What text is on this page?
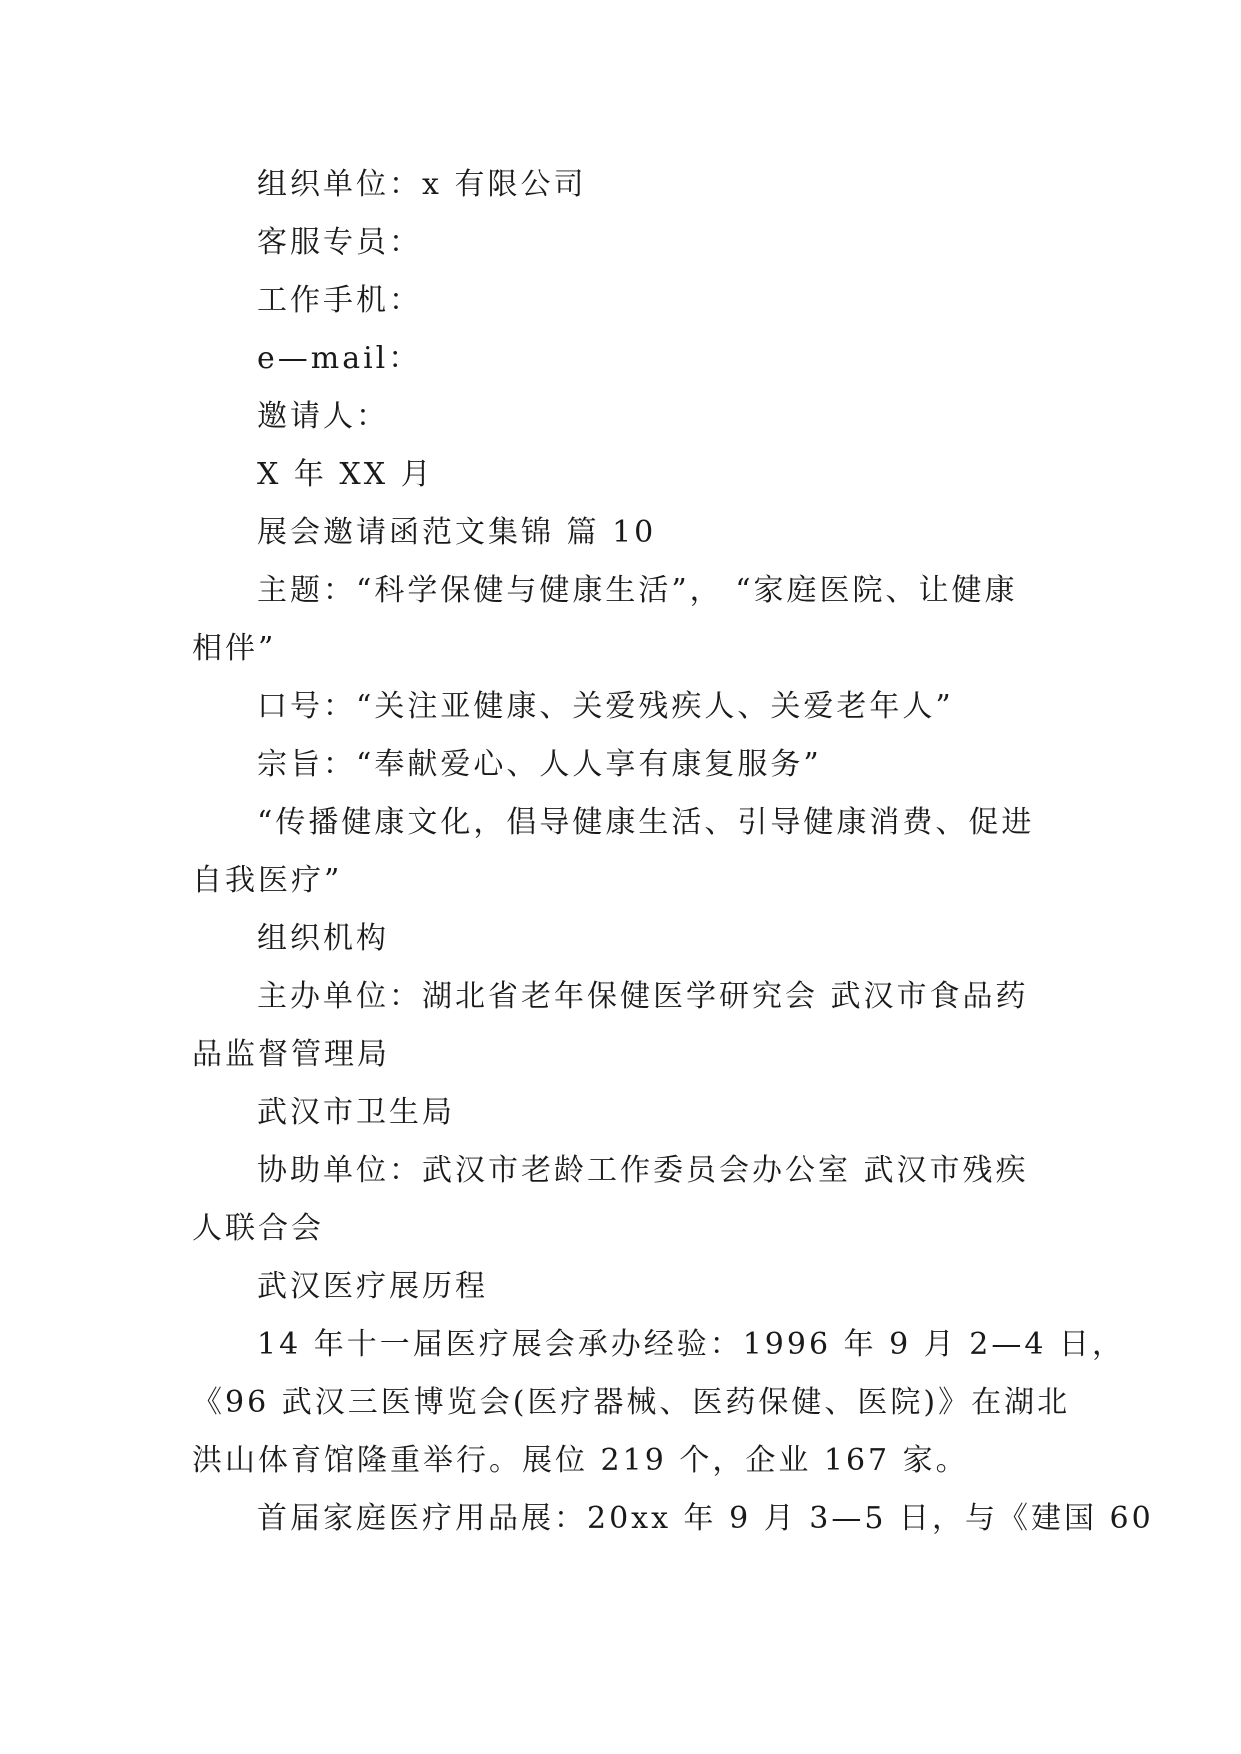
组织单位：x 有限公司
客服专员：
工作手机：
e—mail：
邀请人：
X 年 XX 月
展会邀请函范文集锦 篇 10
主题：“科学保健与健康生活”， “家庭医院、让健康
相伴”
口号：“关注亚健康、关爱残疾人、关爱老年人”
宗旨：“奉献爱心、人人享有康复服务”
“传播健康文化，倡导健康生活、引导健康消费、促进
自我医疗”
组织机构
主办单位：湖北省老年保健医学研究会 武汉市食品药
品监督管理局
武汉市卫生局
协助单位：武汉市老龄工作委员会办公室 武汉市残疾
人联合会
武汉医疗展历程
14 年十一届医疗展会承办经验：1996 年 9 月 2—4 日，
《96 武汉三医博览会(医疗器械、医药保健、医院)》在湖北
洪山体育馆隆重举行。展位 219 个，企业 167 家。
首届家庭医疗用品展：20xx 年 9 月 3—5 日，与《建国 60
